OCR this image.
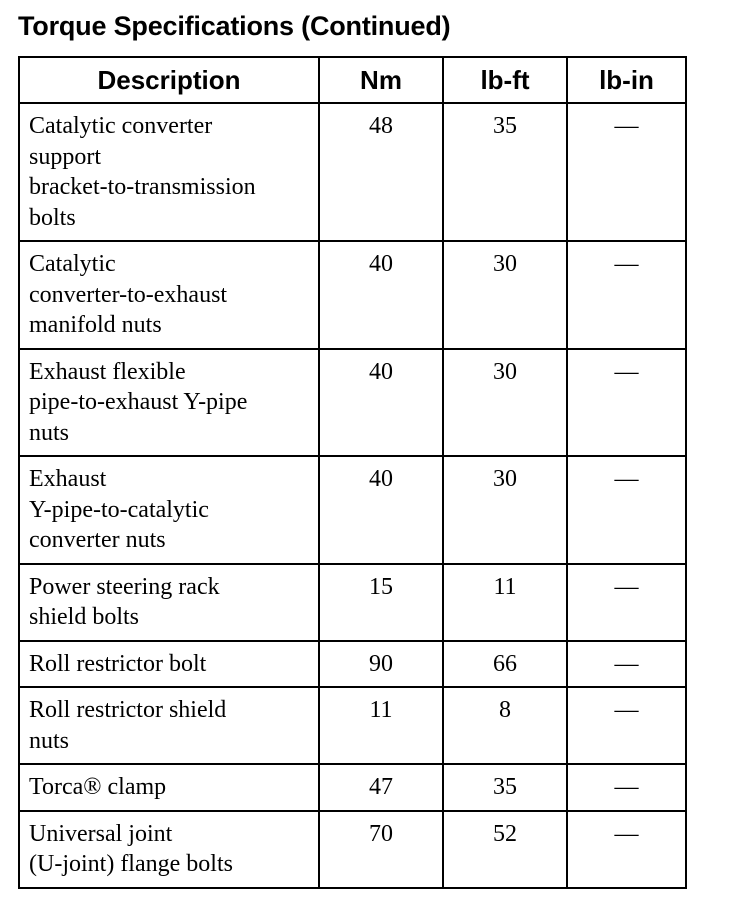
Torque Specifications (Continued)
Description	Nm	lb-ft	lb-in

Catalytic converter
support
bracket-to-transmission
bolts	48	35	—

Catalytic
converter-to-exhaust
manifold nuts	40	30	—

Exhaust flexible
pipe-to-exhaust Y-pipe
nuts	40	30	—

Exhaust
Y-pipe-to-catalytic
converter nuts	40	30	—

Power steering rack
shield bolts	15	11	—

Roll restrictor bolt	90	66	—

Roll restrictor shield
nuts	11	8	—

Torca® clamp	47	35	—

Universal joint
(U-joint) flange bolts	70	52	—
